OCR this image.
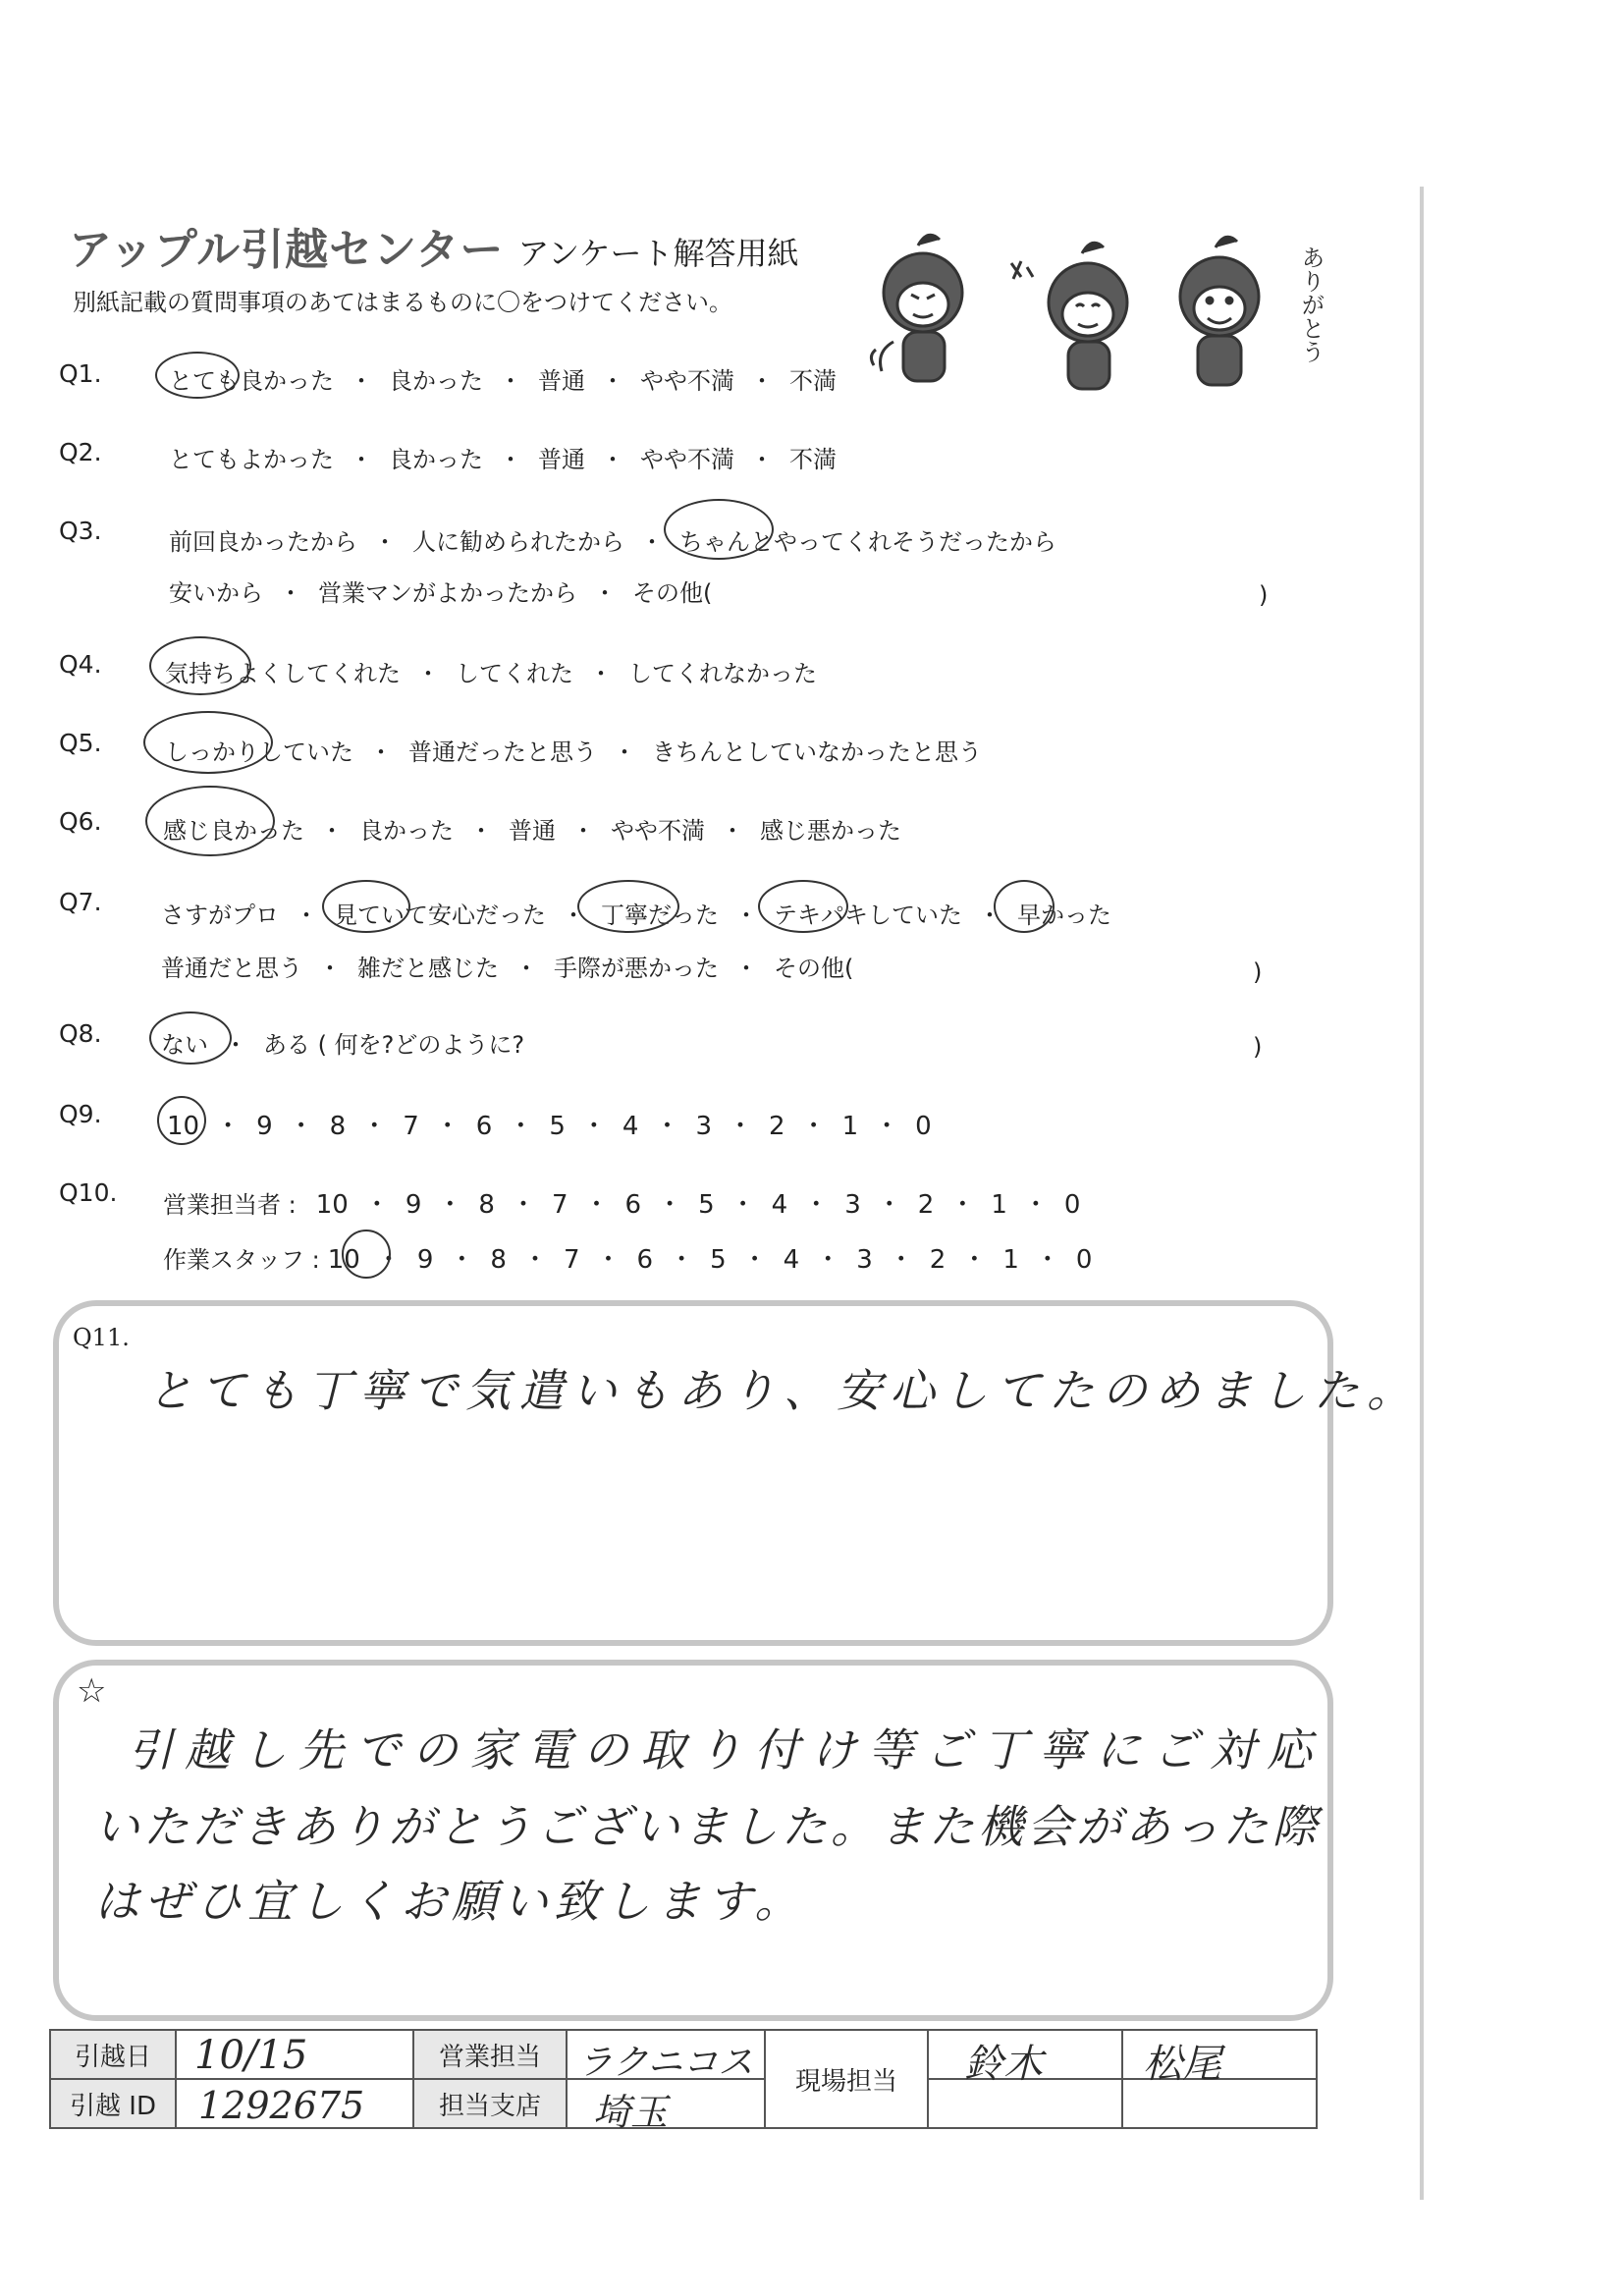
アップル引越センター アンケート解答用紙
別紙記載の質問事項のあてはまるものに〇をつけてください。	ありがとう
Q1.	とても良かった ・ 良かった ・ 普通 ・ やや不満 ・ 不満
Q2.	とてもよかった ・ 良かった ・ 普通 ・ やや不満 ・ 不満
Q3.	前回良かったから ・ 人に勧められたから ・ ちゃんとやってくれそうだったから
安いから ・ 営業マンがよかったから ・ その他(	)
Q4.	気持ちよくしてくれた ・ してくれた ・ してくれなかった
Q5.	しっかりしていた ・ 普通だったと思う ・ きちんとしていなかったと思う
Q6.	感じ良かった ・ 良かった ・ 普通 ・ やや不満 ・ 感じ悪かった
Q7.	さすがプロ ・ 見ていて安心だった ・ 丁寧だった ・ テキパキしていた ・ 早かった
普通だと思う ・ 雑だと感じた ・ 手際が悪かった ・ その他(	)
Q8.	ない ・ ある ( 何を?どのように?	)
Q9.	10 ・ 9 ・ 8 ・ 7 ・ 6 ・ 5 ・ 4 ・ 3 ・ 2 ・ 1 ・ 0
Q10. 営業担当者 : 10 ・ 9 ・ 8 ・ 7 ・ 6 ・ 5 ・ 4 ・ 3 ・ 2 ・ 1 ・ 0
作業スタッフ : 10 ・ 9 ・ 8 ・ 7 ・ 6 ・ 5 ・ 4 ・ 3 ・ 2 ・ 1 ・ 0
Q11.
とても丁寧で気遣いもあり、安心してたのめました。
☆
引越し先での家電の取り付け等ご丁寧にご対応
いただきありがとうございました。また機会があった際
はぜひ宜しくお願い致します。
引越日	10/15	営業担当	ラクニコス	現場担当	鈴木	松尾

引越 ID	1292675	担当支店	埼玉			
